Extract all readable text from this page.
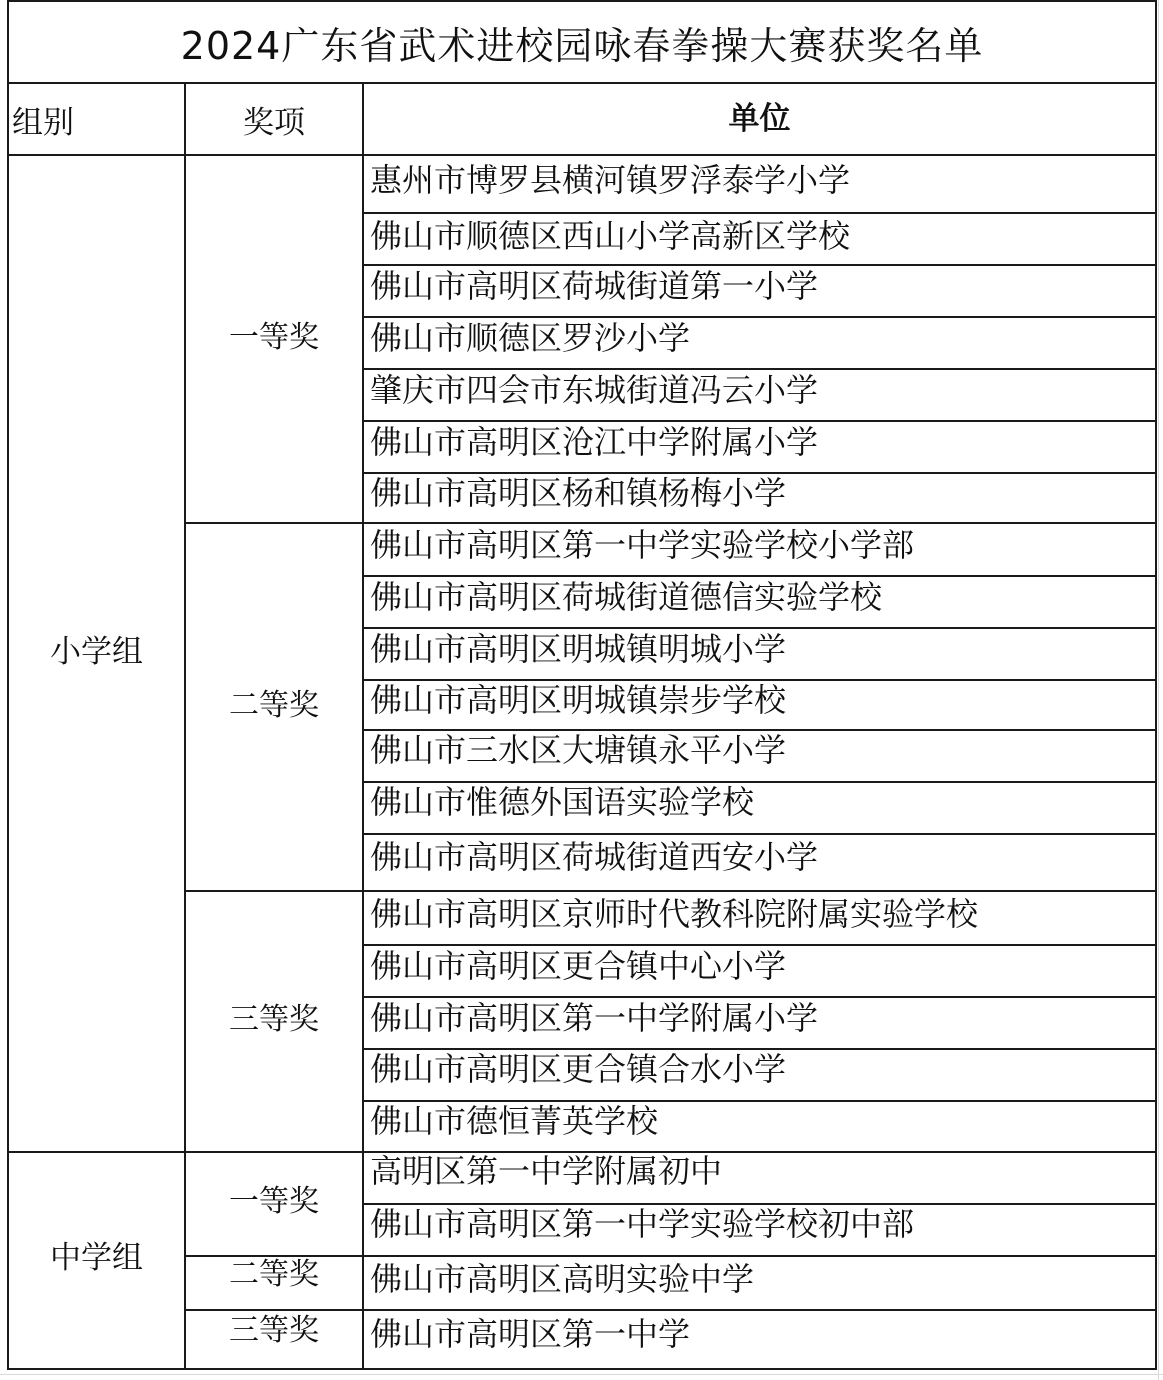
2024广东省武术进校园咏春拳操大赛获奖名单
组别	奖项	单位
小学组
中学组
一等奖
二等奖
三等奖
一等奖
二等奖
三等奖
惠州市博罗县横河镇罗浮泰学小学
佛山市顺德区西山小学高新区学校
佛山市高明区荷城街道第一小学
佛山市顺德区罗沙小学
肇庆市四会市东城街道冯云小学
佛山市高明区沧江中学附属小学
佛山市高明区杨和镇杨梅小学
佛山市高明区第一中学实验学校小学部
佛山市高明区荷城街道德信实验学校
佛山市高明区明城镇明城小学
佛山市高明区明城镇崇步学校
佛山市三水区大塘镇永平小学
佛山市惟德外国语实验学校
佛山市高明区荷城街道西安小学
佛山市高明区京师时代教科院附属实验学校
佛山市高明区更合镇中心小学
佛山市高明区第一中学附属小学
佛山市高明区更合镇合水小学
佛山市德恒菁英学校
高明区第一中学附属初中
佛山市高明区第一中学实验学校初中部
佛山市高明区高明实验中学
佛山市高明区第一中学
